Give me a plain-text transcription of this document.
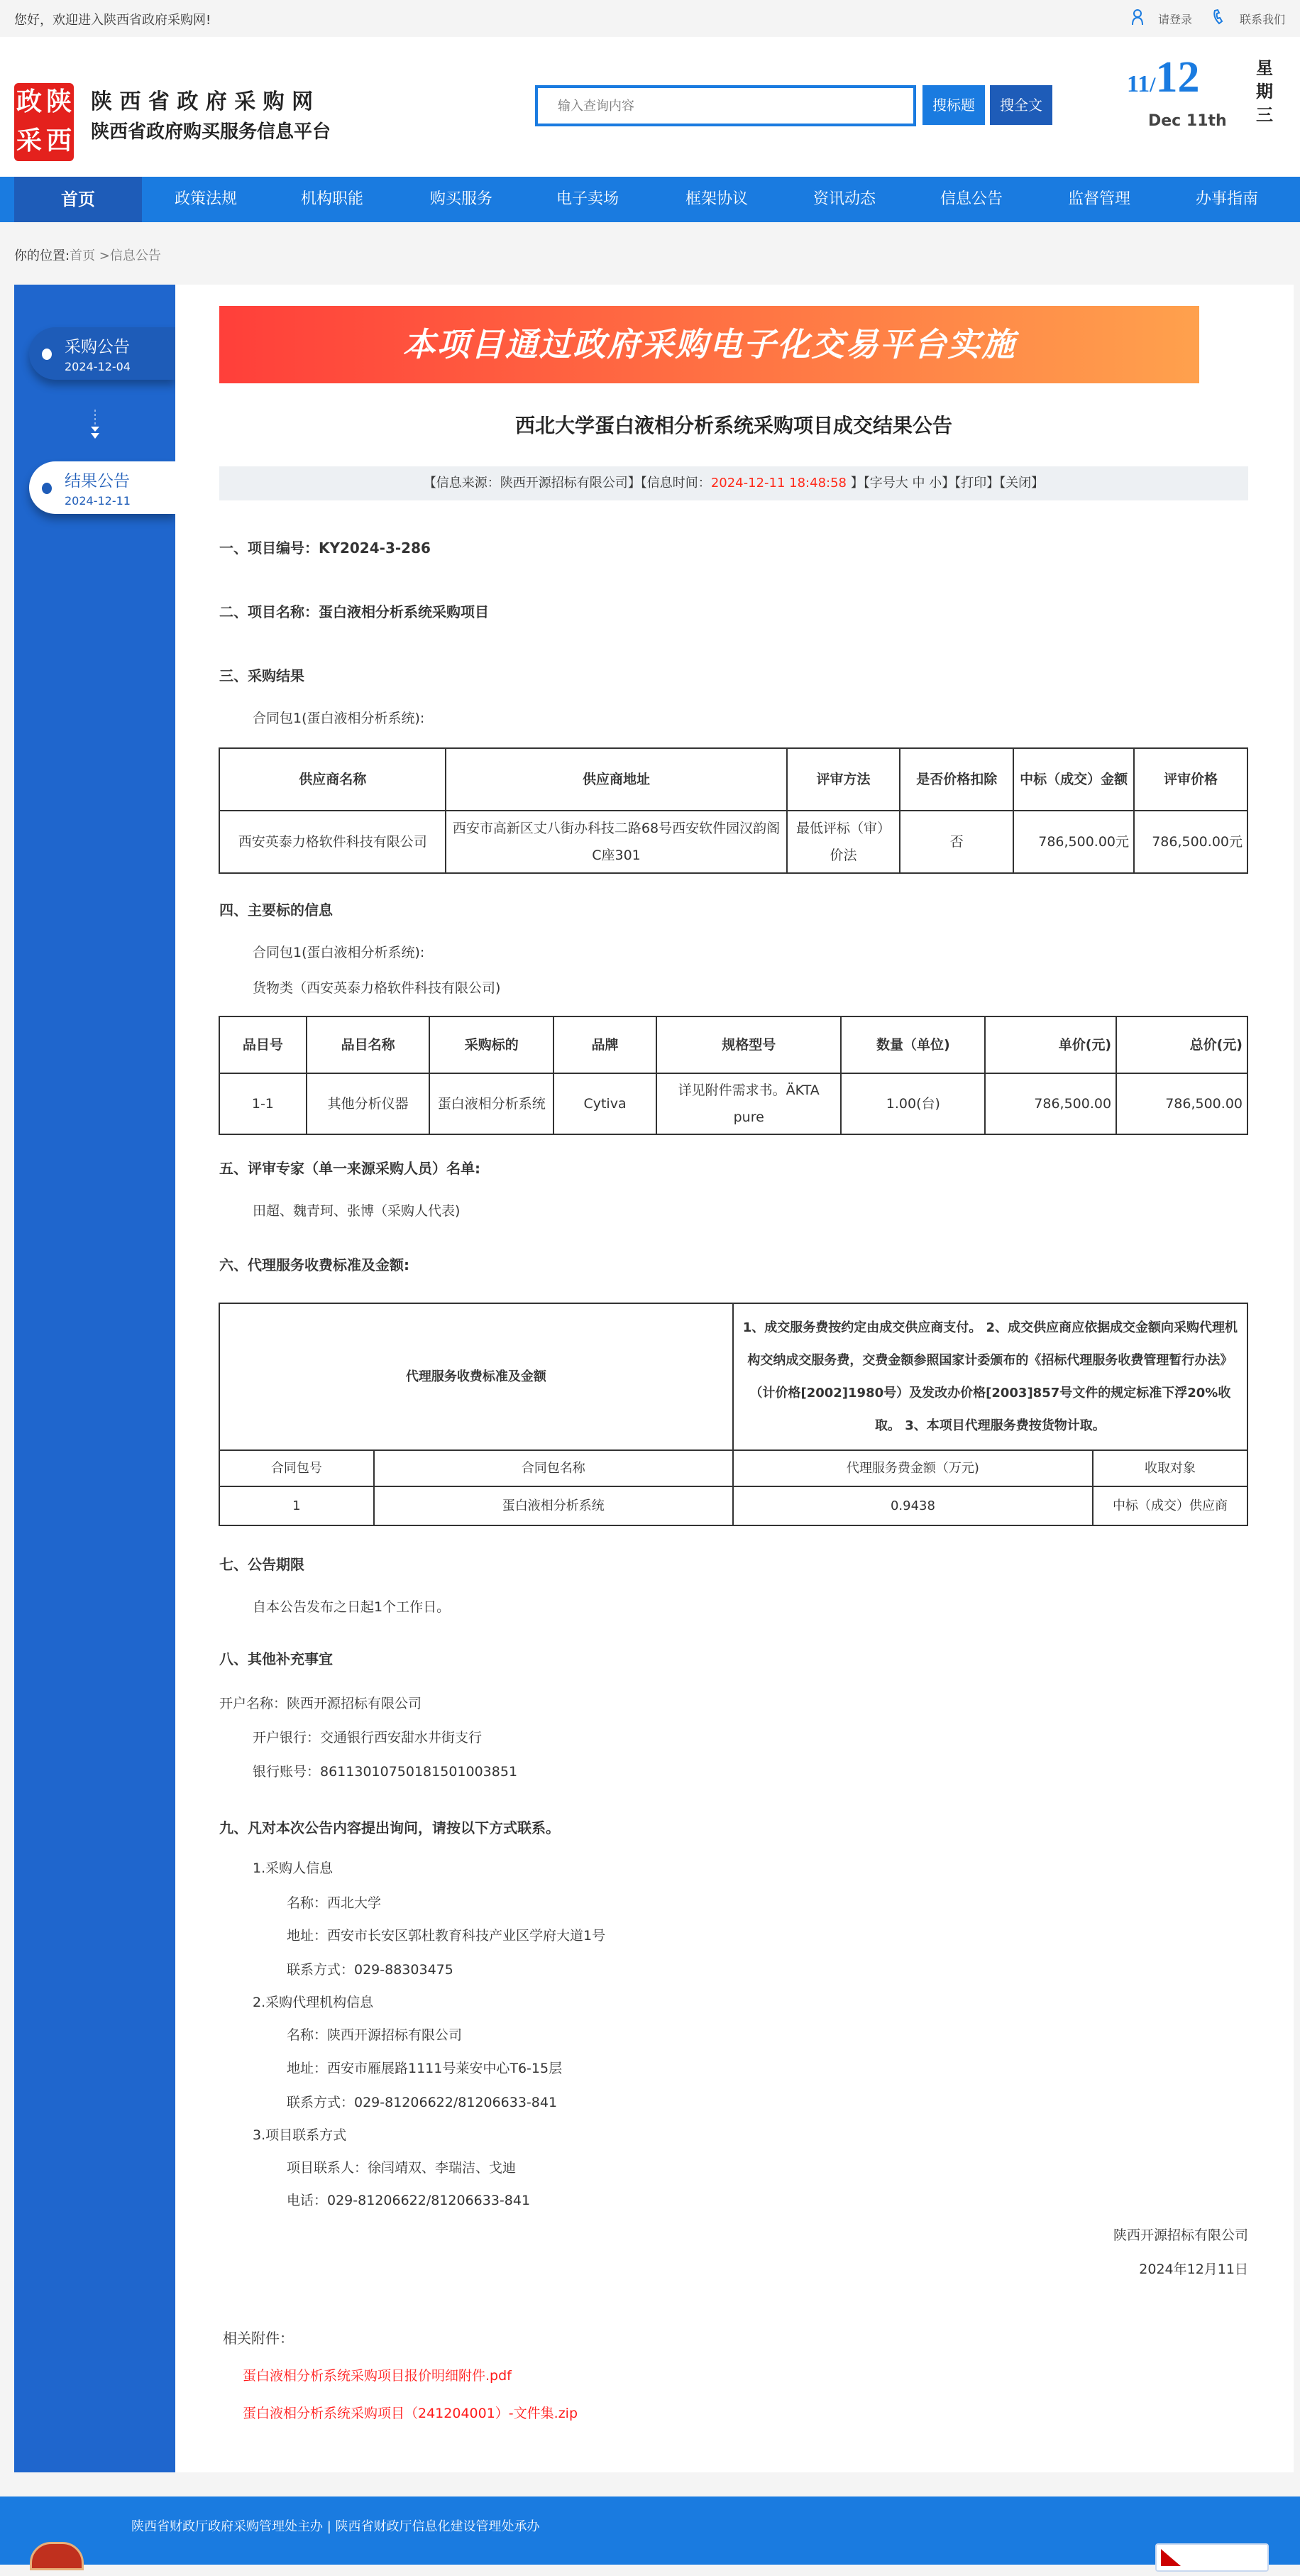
您好，欢迎进入陕西省政府采购网!	请登录	联系我们
政 陕
采 西
陕 西 省 政 府 采 购 网
陕西省政府购买服务信息平台
输入查询内容
搜标题	搜全文
11/12
Dec 11th
星期三
首页	政策法规	机构职能	购买服务	电子卖场	框架协议	资讯动态	信息公告	监督管理	办事指南
你的位置:首页 >信息公告
采购公告
2024-12-04
结果公告
2024-12-11
本项目通过政府采购电子化交易平台实施
西北大学蛋白液相分析系统采购项目成交结果公告
【信息来源：陕西开源招标有限公司】【信息时间：2024-12-11 18:48:58 】【字号大 中 小】【打印】【关闭】
一、项目编号：KY2024-3-286
二、项目名称：蛋白液相分析系统采购项目
三、采购结果
合同包1(蛋白液相分析系统):
供应商名称	供应商地址	评审方法	是否价格扣除	中标（成交）金额	评审价格
西安英泰力格软件科技有限公司	西安市高新区丈八街办科技二路68号西安软件园汉韵阁C座301	最低评标（审）价法	否	786,500.00元	786,500.00元
四、主要标的信息
合同包1(蛋白液相分析系统):
货物类（西安英泰力格软件科技有限公司)
品目号	品目名称	采购标的	品牌	规格型号	数量（单位)	单价(元)	总价(元)
1-1	其他分析仪器	蛋白液相分析系统	Cytiva	详见附件需求书。ÄKTA pure	1.00(台)	786,500.00	786,500.00
五、评审专家（单一来源采购人员）名单:
田超、魏青珂、张博（采购人代表)
六、代理服务收费标准及金额:
代理服务收费标准及金额		1、成交服务费按约定由成交供应商支付。 2、成交供应商应依据成交金额向采购代理机构交纳成交服务费，交费金额参照国家计委颁布的《招标代理服务收费管理暂行办法》（计价格[2002]1980号）及发改办价格[2003]857号文件的规定标准下浮20%收取。 3、本项目代理服务费按货物计取。	
合同包号	合同包名称	代理服务费金额（万元)	收取对象
1	蛋白液相分析系统	0.9438	中标（成交）供应商
七、公告期限
自本公告发布之日起1个工作日。
八、其他补充事宜
开户名称：陕西开源招标有限公司
开户银行：交通银行西安甜水井街支行
银行账号：861130107501815010038​51
九、凡对本次公告内容提出询问，请按以下方式联系。
1.采购人信息
名称：西北大学
地址：西安市长安区郭杜教育科技产业区学府大道1号
联系方式：029-88303475
2.采购代理机构信息
名称：陕西开源招标有限公司
地址：西安市雁展路1111号莱安中心T6-15层
联系方式：029-81206622/81206633-841
3.项目联系方式
项目联系人：徐闫靖双、李瑞洁、戈迪
电话：029-81206622/81206633-841
陕西开源招标有限公司
2024年12月11日
相关附件：
蛋白液相分析系统采购项目报价明细附件.pdf
蛋白液相分析系统采购项目（241204001）-文件集.zip
陕西省财政厅政府采购管理处主办 | 陕西省财政厅信息化建设管理处承办
